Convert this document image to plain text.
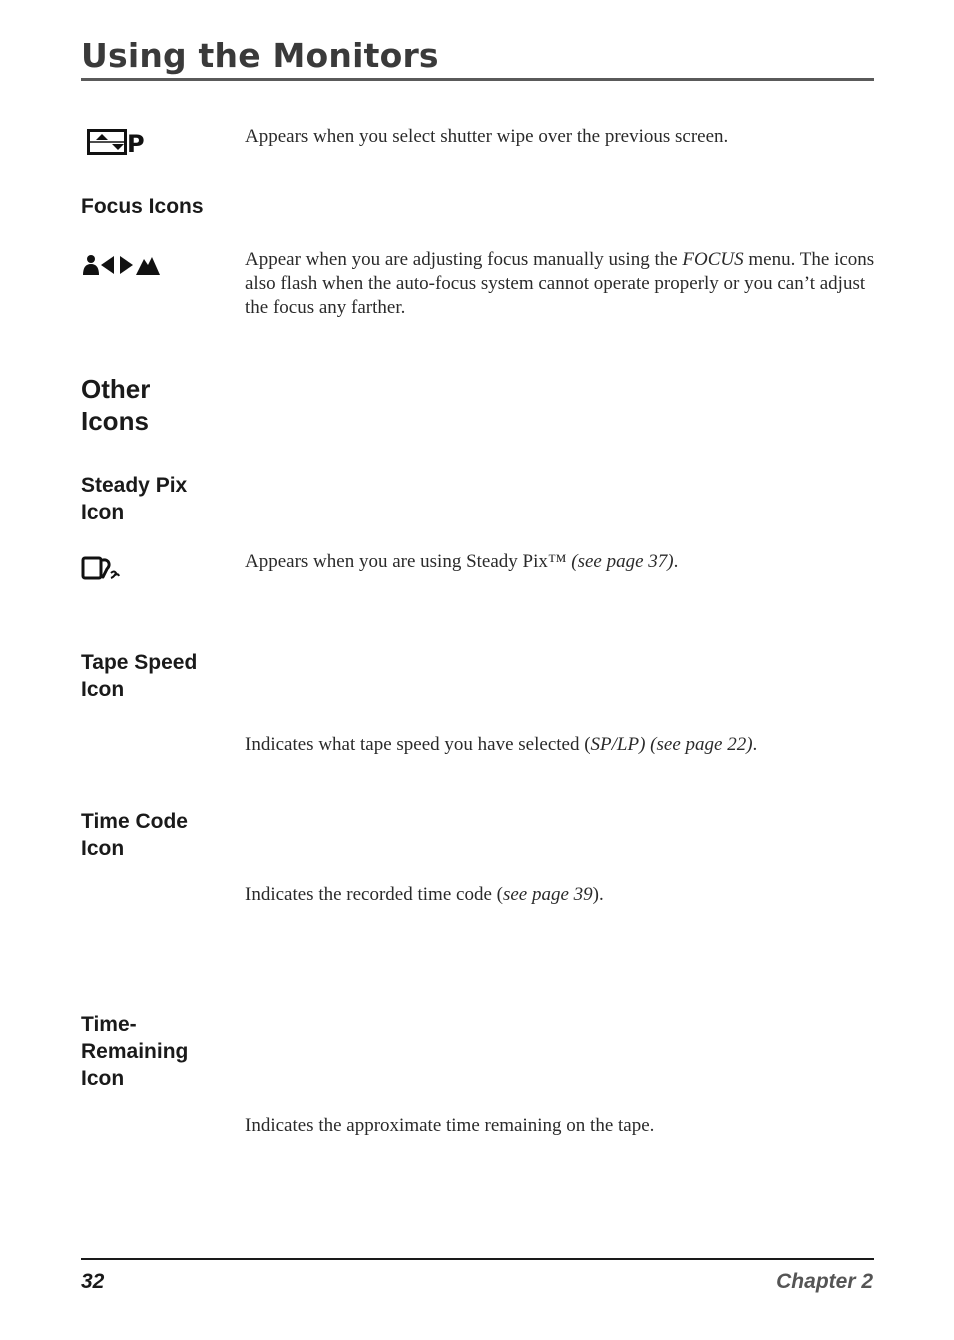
Using the Monitors
P	Appears when you select shutter wipe over the previous screen.

Focus Icons

Appear when you are adjusting focus manually using the FOCUS menu. The icons also flash when the auto-focus system cannot operate properly or you can’t adjust the focus any farther.

Other
Icons
Steady Pix
Icon

Appears when you are using Steady Pix™ (see page 37).

Tape Speed
Icon

Indicates what tape speed you have selected (SP/LP) (see page 22).

Time Code
Icon

Indicates the recorded time code (see page 39).

Time-
Remaining
Icon

Indicates the approximate time remaining on the tape.

32	Chapter 2
